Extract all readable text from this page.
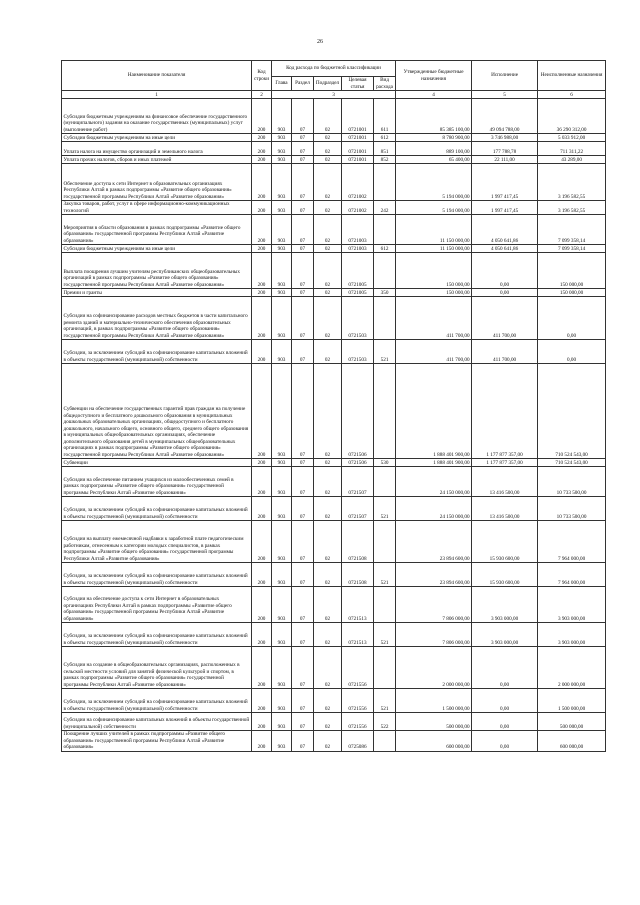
26
Наименование показателя	Код строки	Код расхода по бюджетной классификации					Утвержденные бюджетные назначения	Исполнение	Неисполненные назначения
		Глава	Раздел	Подраздел	Целевая статья	Вид расхода			
1	2	3					4	5	6
Субсидии бюджетным учреждениям на финансовое обеспечение государственного (муниципального) задания на оказание государственных (муниципальных) услуг (выполнение работ)	200	903	07	02	0721001	611	85 385 100,00	49 094 788,00	36 290 312,00
Субсидии бюджетным учреждениям на иные цели	200	903	07	02	0721001	612	8 780 900,00	3 746 988,00	5 033 912,00
Уплата налога на имущество организаций и земельного налога	200	903	07	02	0721001	851	889 100,00	177 788,78	711 311,22
Уплата прочих налогов, сборов и иных платежей	200	903	07	02	0721001	852	65 400,00	22 111,00	43 289,00
Обеспечение доступа к сети Интернет в образовательных организациях Республики Алтай в рамках подпрограммы «Развитие общего образования» государственной программы Республики Алтай «Развитие образования»	200	903	07	02	0721002		5 194 000,00	1 997 417,45	3 196 582,55
Закупка товаров, работ, услуг в сфере информационно-коммуникационных технологий	200	903	07	02	0721002	242	5 194 000,00	1 997 417,45	3 196 582,55
Мероприятия в области образования в рамках подпрограммы «Развитие общего образования» государственной программы Республики Алтай «Развитие образования»	200	903	07	02	0721003		11 150 000,00	4 050 641,86	7 099 358,14
Субсидии бюджетным учреждениям на иные цели	200	903	07	02	0721003	612	11 150 000,00	4 050 641,86	7 099 358,14
Выплата поощрения лучшим учителям республиканских общеобразовательных организаций в рамках подпрограммы «Развитие общего образования» государственной программы Республики Алтай «Развитие образования»	200	903	07	02	0721005		150 000,00	0,00	150 000,00
Премии и гранты	200	903	07	02	0721005	350	150 000,00	0,00	150 000,00
Субсидии на софинансирование расходов местных бюджетов в части капитального ремонта зданий и материально-технического обеспечения образовательных организаций, в рамках подпрограммы «Развитие общего образования» государственной программы Республики Алтай «Развитие образования»	200	903	07	02	0721503		411 700,00	411 700,00	0,00
Субсидии, за исключением субсидий на софинансирование капитальных вложений в объекты государственной (муниципальной) собственности	200	903	07	02	0721503	521	411 700,00	411 700,00	0,00
Субвенции на обеспечение государственных гарантий прав граждан на получение общедоступного и бесплатного дошкольного образования в муниципальных дошкольных образовательных организациях, общедоступного и бесплатного дошкольного, начального общего, основного общего, среднего общего образования в муниципальных общеобразовательных организациях, обеспечение дополнительного образования детей в муниципальных общеобразовательных организациях в рамках подпрограммы «Развитие общего образования» государственной программы Республики Алтай «Развитие образования»	200	903	07	02	0721506		1 888 401 900,00	1 177 877 357,00	710 524 543,00
Субвенции	200	903	07	02	0721506	530	1 888 401 900,00	1 177 877 357,00	710 524 543,00
Субсидии на обеспечение питанием учащихся из малообеспеченных семей в рамках подпрограммы «Развитие общего образования» государственной программы Республики Алтай «Развитие образования»	200	903	07	02	0721507		24 150 000,00	13 416 500,00	10 733 500,00
Субсидии, за исключением субсидий на софинансирование капитальных вложений в объекты государственной (муниципальной) собственности	200	903	07	02	0721507	521	24 150 000,00	13 416 500,00	10 733 500,00
Субсидии на выплату ежемесячной надбавки к заработной плате педагогическим работникам, отнесенным к категории молодых специалистов, в рамках подпрограммы «Развитие общего образования» государственной программы Республики Алтай «Развитие образования»	200	903	07	02	0721508		23 894 600,00	15 930 600,00	7 964 000,00
Субсидии, за исключением субсидий на софинансирование капитальных вложений в объекты государственной (муниципальной) собственности	200	903	07	02	0721508	521	23 894 600,00	15 930 600,00	7 964 000,00
Субсидии на обеспечение доступа к сети Интернет в образовательных организациях Республики Алтай в рамках подпрограммы «Развитие общего образования» государственной программы Республики Алтай «Развитие образования»	200	903	07	02	0721513		7 806 000,00	3 903 000,00	3 903 000,00
Субсидии, за исключением субсидий на софинансирование капитальных вложений в объекты государственной (муниципальной) собственности	200	903	07	02	0721513	521	7 806 000,00	3 903 000,00	3 903 000,00
Субсидии на создание в общеобразовательных организациях, расположенных в сельской местности условий для занятий физической культурой и спортом, в рамках подпрограммы «Развитие общего образования» государственной программы Республики Алтай «Развитие образования»	200	903	07	02	0721556		2 000 000,00	0,00	2 000 000,00
Субсидии, за исключением субсидий на софинансирование капитальных вложений в объекты государственной (муниципальной) собственности	200	903	07	02	0721556	521	1 500 000,00	0,00	1 500 000,00
Субсидии на софинансирование капитальных вложений в объекты государственной (муниципальной) собственности	200	903	07	02	0721556	522	500 000,00	0,00	500 000,00
Поощрение лучших учителей в рамках подпрограммы «Развитие общего образования» государственной программы Республики Алтай «Развитие образования»	200	903	07	02	0725086		600 000,00	0,00	600 000,00
